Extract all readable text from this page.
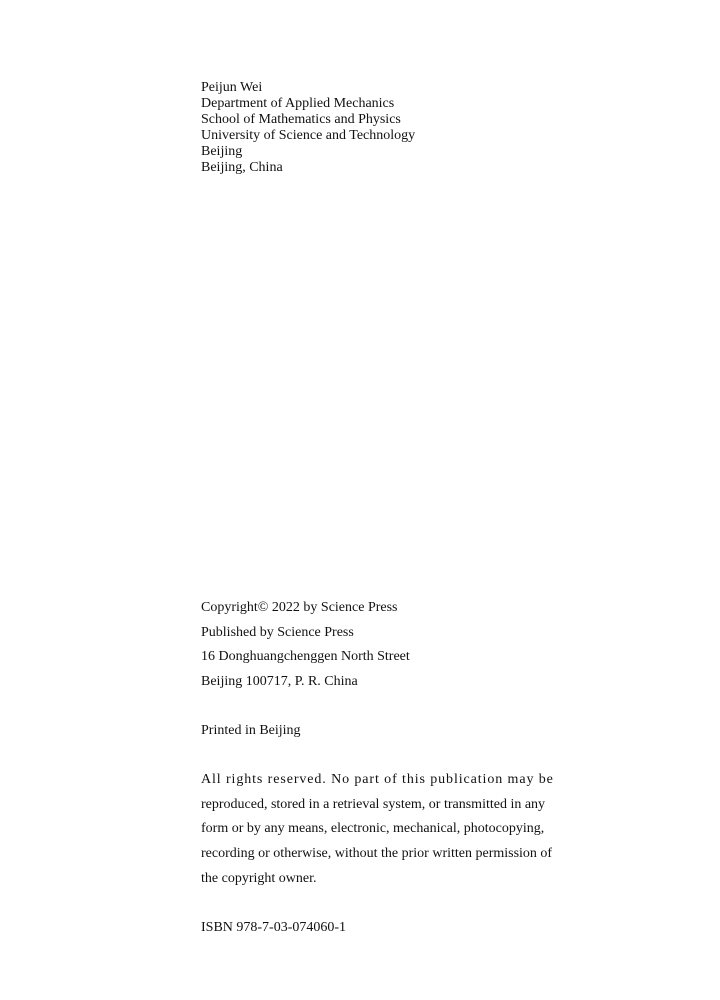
Peijun Wei
Department of Applied Mechanics
School of Mathematics and Physics
University of Science and Technology
Beijing
Beijing, China
Copyright© 2022 by Science Press
Published by Science Press
16 Donghuangchenggen North Street
Beijing 100717, P. R. China
Printed in Beijing
All rights reserved. No part of this publication may be
reproduced, stored in a retrieval system, or transmitted in any
form or by any means, electronic, mechanical, photocopying,
recording or otherwise, without the prior written permission of
the copyright owner.
ISBN 978-7-03-074060-1
